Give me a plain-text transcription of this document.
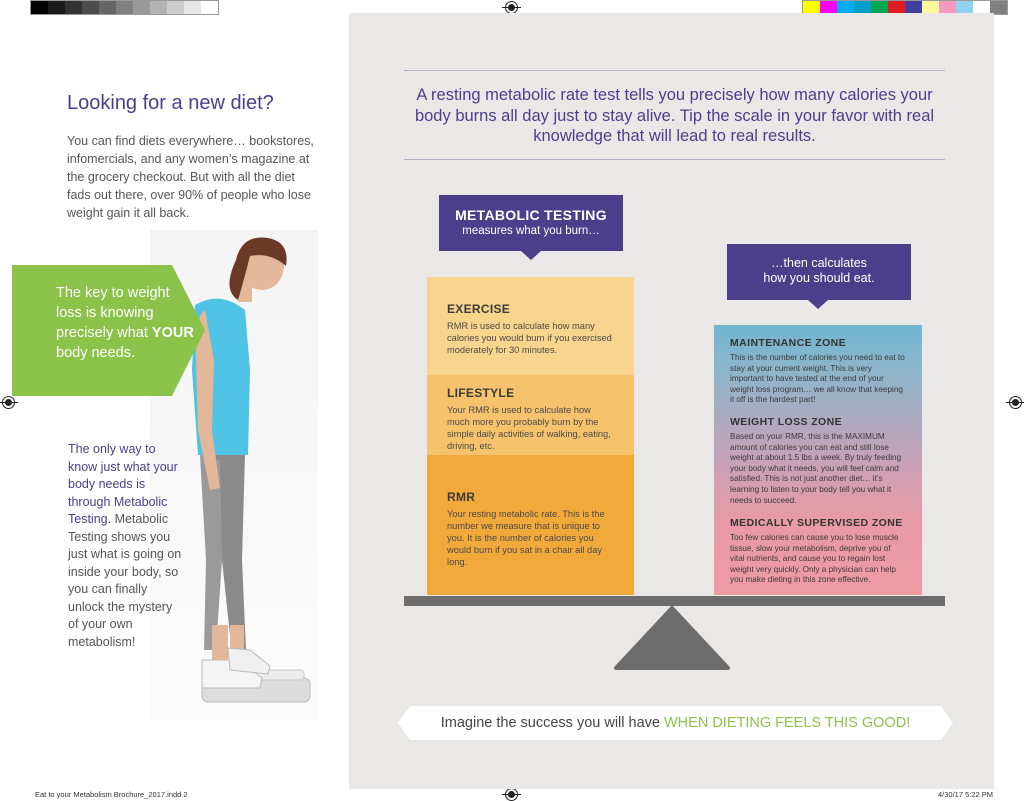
Looking for a new diet?

You can find diets everywhere… bookstores, infomercials, and any women’s magazine at the grocery checkout. But with all the diet fads out there, over 90% of people who lose weight gain it all back.

The key to weight loss is knowing precisely what YOUR body needs.
The only way to know just what your body needs is through Metabolic Testing. Metabolic Testing shows you just what is going on inside your body, so you can finally unlock the mystery of your own metabolism!

A resting metabolic rate test tells you precisely how many calories your body burns all day just to stay alive. Tip the scale in your favor with real knowledge that will lead to real results.

METABOLIC TESTING
measures what you burn…
…then calculates
how you should eat.
EXERCISE

RMR is used to calculate how many calories you would burn if you exercised moderately for 30 minutes.

LIFESTYLE

Your RMR is used to calculate how much more you probably burn by the simple daily activities of walking, eating, driving, etc.

RMR

Your resting metabolic rate. This is the number we measure that is unique to you. It is the number of calories you would burn if you sat in a chair all day long.

MAINTENANCE ZONE

This is the number of calories you need to eat to stay at your current weight. This is very important to have tested at the end of your weight loss program… we all know that keeping it off is the hardest part!

WEIGHT LOSS ZONE

Based on your RMR, this is the MAXIMUM amount of calories you can eat and still lose weight at about 1.5 lbs a week. By truly feeding your body what it needs, you will feel calm and satisfied. This is not just another diet… it’s learning to listen to your body tell you what it needs to succeed.

MEDICALLY SUPERVISED ZONE

Too few calories can cause you to lose muscle tissue, slow your metabolism, deprive you of vital nutrients, and cause you to regain lost weight very quickly. Only a physician can help you make dieting in this zone effective.

Imagine the success you will have WHEN DIETING FEELS THIS GOOD!
Eat to your Metabolism Brochure_2017.indd 2	4/30/17 5:22 PM
